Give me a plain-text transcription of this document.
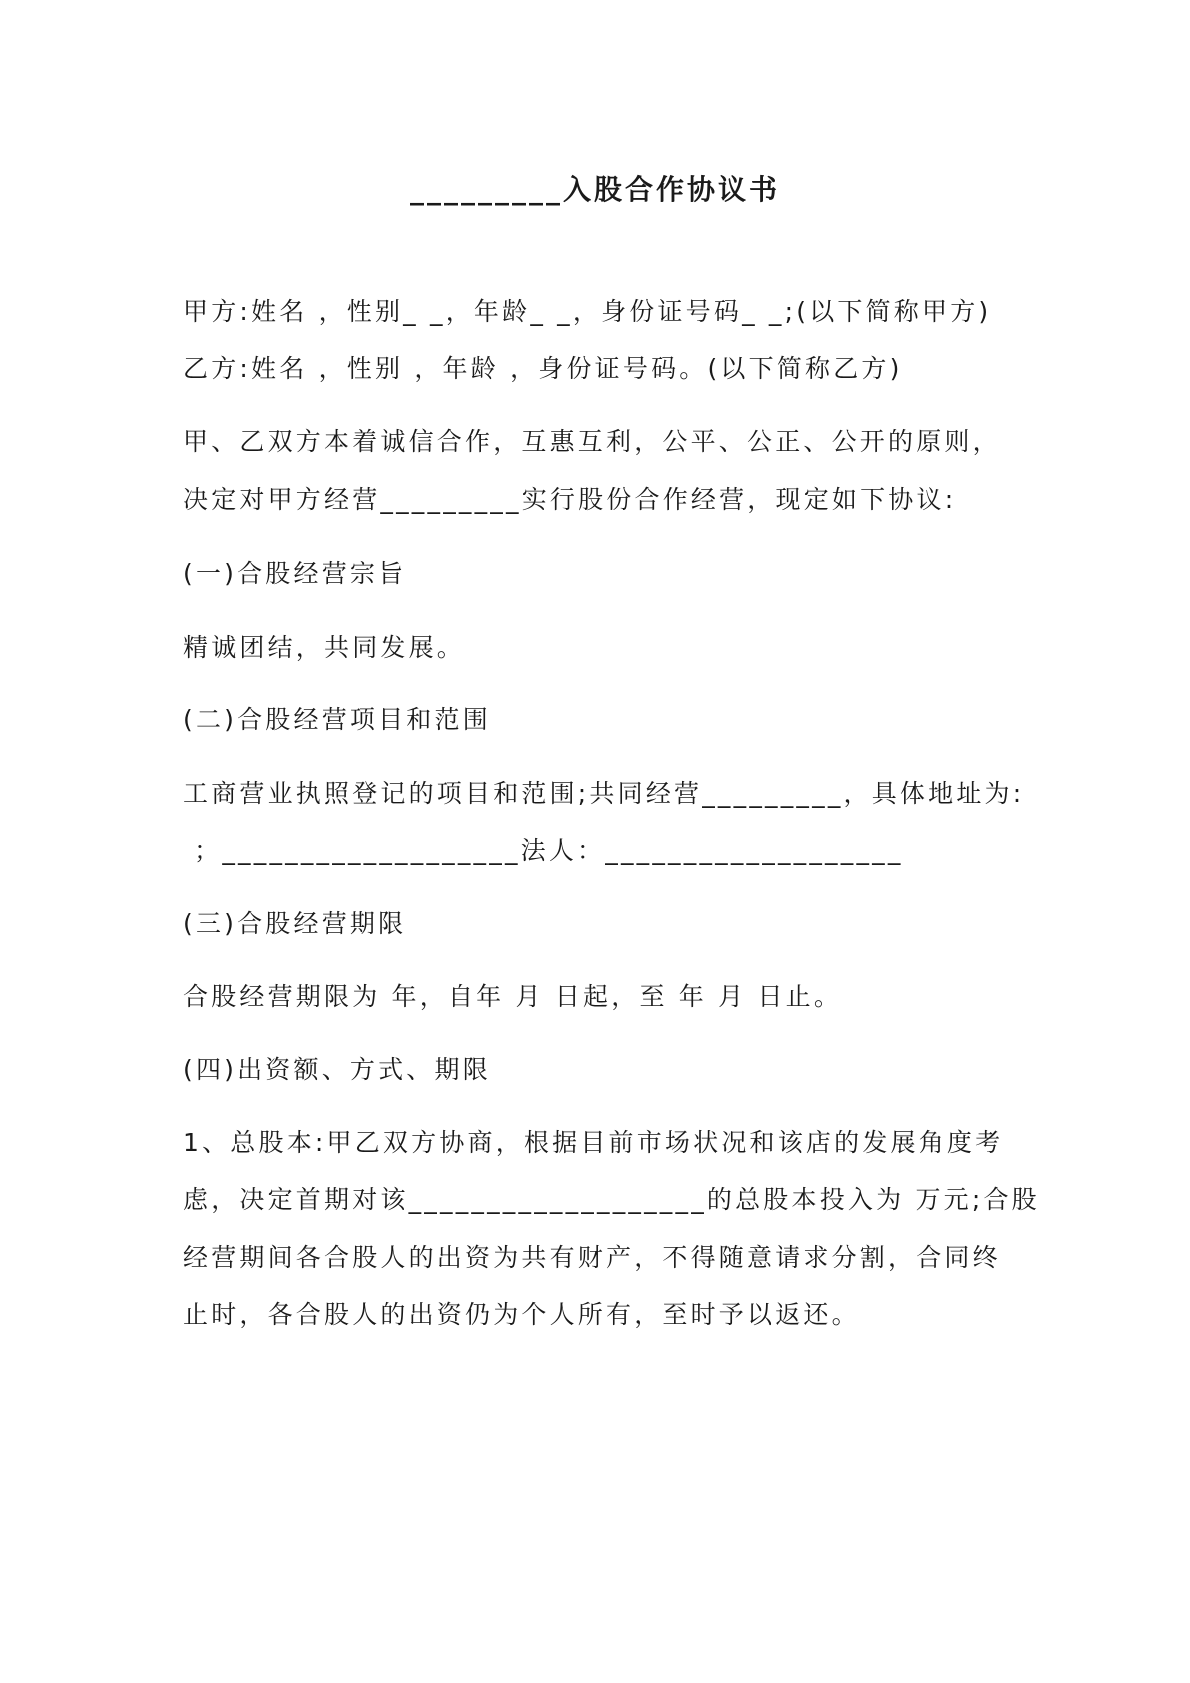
_________入股合作协议书
甲方:姓名 ，性别_ _，年龄_ _，身份证号码_ _;(以下简称甲方)
乙方:姓名 ，性别 ，年龄 ，身份证号码。(以下简称乙方)
甲、乙双方本着诚信合作，互惠互利，公平、公正、公开的原则，
决定对甲方经营_________实行股份合作经营，现定如下协议:
(一)合股经营宗旨
精诚团结，共同发展。
(二)合股经营项目和范围
工商营业执照登记的项目和范围;共同经营_________，具体地址为:
；___________________法人：___________________
(三)合股经营期限
合股经营期限为 年，自年 月 日起，至 年 月 日止。
(四)出资额、方式、期限
1、总股本:甲乙双方协商，根据目前市场状况和该店的发展角度考
虑，决定首期对该___________________的总股本投入为 万元;合股
经营期间各合股人的出资为共有财产，不得随意请求分割，合同终
止时，各合股人的出资仍为个人所有，至时予以返还。
